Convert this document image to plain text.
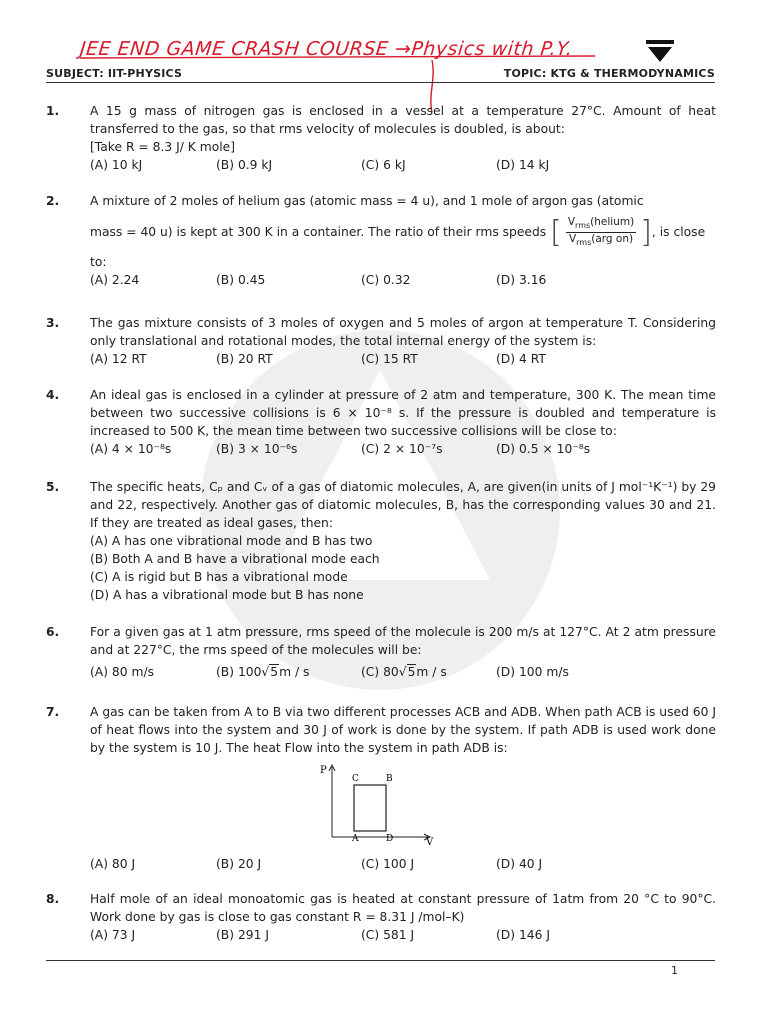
JEE END GAME CRASH COURSE →Physics with P.Y.
SUBJECT: IIT-PHYSICS	TOPIC: KTG & THERMODYNAMICS
1.	A 15 g mass of nitrogen gas is enclosed in a vessel at a temperature 27°C. Amount of heat transferred to the gas, so that rms velocity of molecules is doubled, is about:
[Take R = 8.3 J/ K mole]
(A) 10 kJ	(B) 0.9 kJ	(C) 6 kJ	(D) 14 kJ
2.	A mixture of 2 moles of helium gas (atomic mass = 4 u), and 1 mole of argon gas (atomic
mass = 40 u) is kept at 300 K in a container. The ratio of their rms speeds [ $\frac{V_{rms}(helium)}{V_{rms}(arg on)}$ ], is close
to:
(A) 2.24	(B) 0.45	(C) 0.32	(D) 3.16
3.	The gas mixture consists of 3 moles of oxygen and 5 moles of argon at temperature T. Considering only translational and rotational modes, the total internal energy of the system is:
(A) 12 RT	(B) 20 RT	(C) 15 RT	(D) 4 RT
4.	An ideal gas is enclosed in a cylinder at pressure of 2 atm and temperature, 300 K. The mean time between two successive collisions is 6 × 10⁻⁸ s. If the pressure is doubled and temperature is increased to 500 K, the mean time between two successive collisions will be close to:
(A) 4 × 10⁻⁸s	(B) 3 × 10⁻⁶s	(C) 2 × 10⁻⁷s	(D) 0.5 × 10⁻⁸s
5.	The specific heats, Cₚ and Cᵥ of a gas of diatomic molecules, A, are given(in units of J mol⁻¹K⁻¹) by 29 and 22, respectively. Another gas of diatomic molecules, B, has the corresponding values 30 and 21. If they are treated as ideal gases, then:
(A) A has one vibrational mode and B has two
(B) Both A and B have a vibrational mode each
(C) A is rigid but B has a vibrational mode
(D) A has a vibrational mode but B has none
6.	For a given gas at 1 atm pressure, rms speed of the molecule is 200 m/s at 127°C. At 2 atm pressure and at 227°C, the rms speed of the molecules will be:
(A) 80 m/s	(B) 100√5m / s	(C) 80√5m / s	(D) 100 m/s
7.	A gas can be taken from A to B via two different processes ACB and ADB. When path ACB is used 60 J of heat flows into the system and 30 J of work is done by the system. If path ADB is used work done by the system is 10 J. The heat Flow into the system in path ADB is:
P
V
C	B
A	D
(A) 80 J	(B) 20 J	(C) 100 J	(D) 40 J
8.	Half mole of an ideal monoatomic gas is heated at constant pressure of 1atm from 20 °C to 90°C. Work done by gas is close to gas constant R = 8.31 J /mol–K)
(A) 73 J	(B) 291 J	(C) 581 J	(D) 146 J
1
